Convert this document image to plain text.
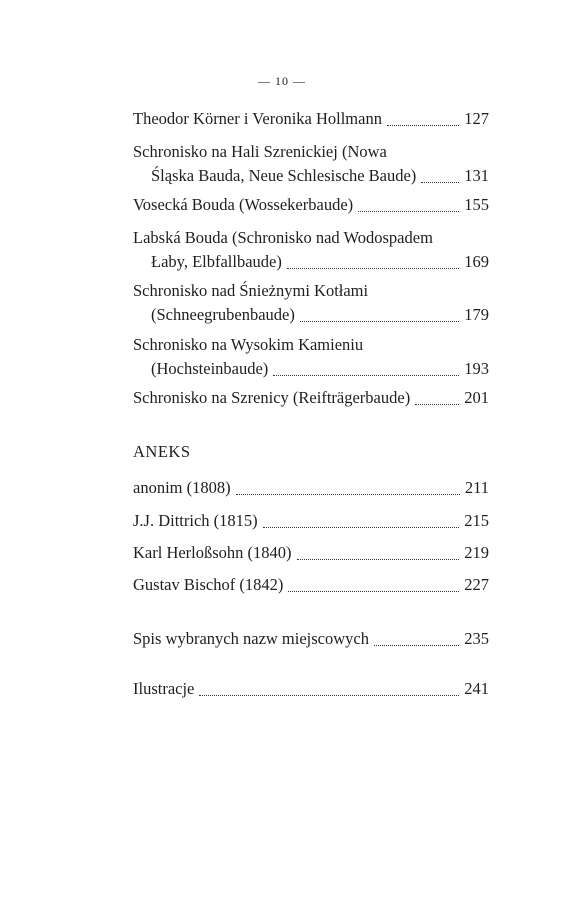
— 10 —
Theodor Körner i Veronika Hollmann	127
Schronisko na Hali Szrenickiej (Nowa
Śląska Bauda, Neue Schlesische Baude)	131
Vosecká Bouda (Wossekerbaude)	155
Labská Bouda (Schronisko nad Wodospadem
Łaby, Elbfallbaude)	169
Schronisko nad Śnieżnymi Kotłami
(Schneegrubenbaude)	179
Schronisko na Wysokim Kamieniu
(Hochsteinbaude)	193
Schronisko na Szrenicy (Reifträgerbaude)	201
ANEKS
anonim (1808)	211
J.J. Dittrich (1815)	215
Karl Herloßsohn (1840)	219
Gustav Bischof (1842)	227
Spis wybranych nazw miejscowych	235
Ilustracje	241
